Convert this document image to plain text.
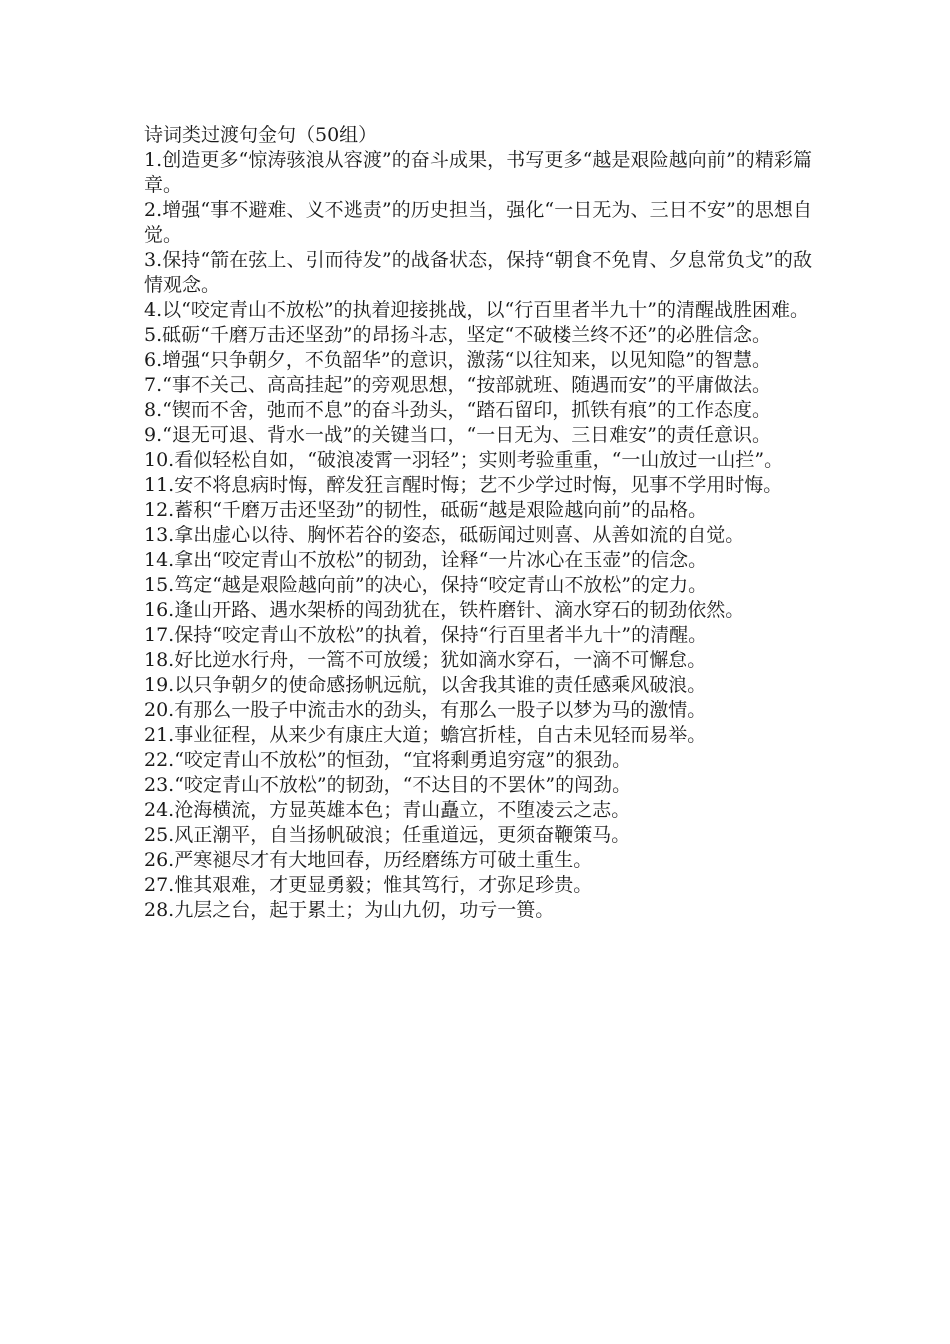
诗词类过渡句金句（50组）

1.创造更多“惊涛骇浪从容渡”的奋斗成果，书写更多“越是艰险越向前”的精彩篇章。

2.增强“事不避难、义不逃责”的历史担当，强化“一日无为、三日不安”的思想自觉。

3.保持“箭在弦上、引而待发”的战备状态，保持“朝食不免胄、夕息常负戈”的敌情观念。

4.以“咬定青山不放松”的执着迎接挑战，以“行百里者半九十”的清醒战胜困难。

5.砥砺“千磨万击还坚劲”的昂扬斗志，坚定“不破楼兰终不还”的必胜信念。

6.增强“只争朝夕，不负韶华”的意识，激荡“以往知来，以见知隐”的智慧。

7.“事不关己、高高挂起”的旁观思想，“按部就班、随遇而安”的平庸做法。

8.“锲而不舍，弛而不息”的奋斗劲头，“踏石留印，抓铁有痕”的工作态度。

9.“退无可退、背水一战”的关键当口，“一日无为、三日难安”的责任意识。

10.看似轻松自如，“破浪凌霄一羽轻”；实则考验重重，“一山放过一山拦”。

11.安不将息病时悔，醉发狂言醒时悔；艺不少学过时悔，见事不学用时悔。

12.蓄积“千磨万击还坚劲”的韧性，砥砺“越是艰险越向前”的品格。

13.拿出虚心以待、胸怀若谷的姿态，砥砺闻过则喜、从善如流的自觉。

14.拿出“咬定青山不放松”的韧劲，诠释“一片冰心在玉壶”的信念。

15.笃定“越是艰险越向前”的决心，保持“咬定青山不放松”的定力。

16.逢山开路、遇水架桥的闯劲犹在，铁杵磨针、滴水穿石的韧劲依然。

17.保持“咬定青山不放松”的执着，保持“行百里者半九十”的清醒。

18.好比逆水行舟，一篙不可放缓；犹如滴水穿石，一滴不可懈怠。

19.以只争朝夕的使命感扬帆远航，以舍我其谁的责任感乘风破浪。

20.有那么一股子中流击水的劲头，有那么一股子以梦为马的激情。

21.事业征程，从来少有康庄大道；蟾宫折桂，自古未见轻而易举。

22.“咬定青山不放松”的恒劲，“宜将剩勇追穷寇”的狠劲。

23.“咬定青山不放松”的韧劲，“不达目的不罢休”的闯劲。

24.沧海横流，方显英雄本色；青山矗立，不堕凌云之志。

25.风正潮平，自当扬帆破浪；任重道远，更须奋鞭策马。

26.严寒褪尽才有大地回春，历经磨练方可破土重生。

27.惟其艰难，才更显勇毅；惟其笃行，才弥足珍贵。

28.九层之台，起于累土；为山九仞，功亏一篑。
